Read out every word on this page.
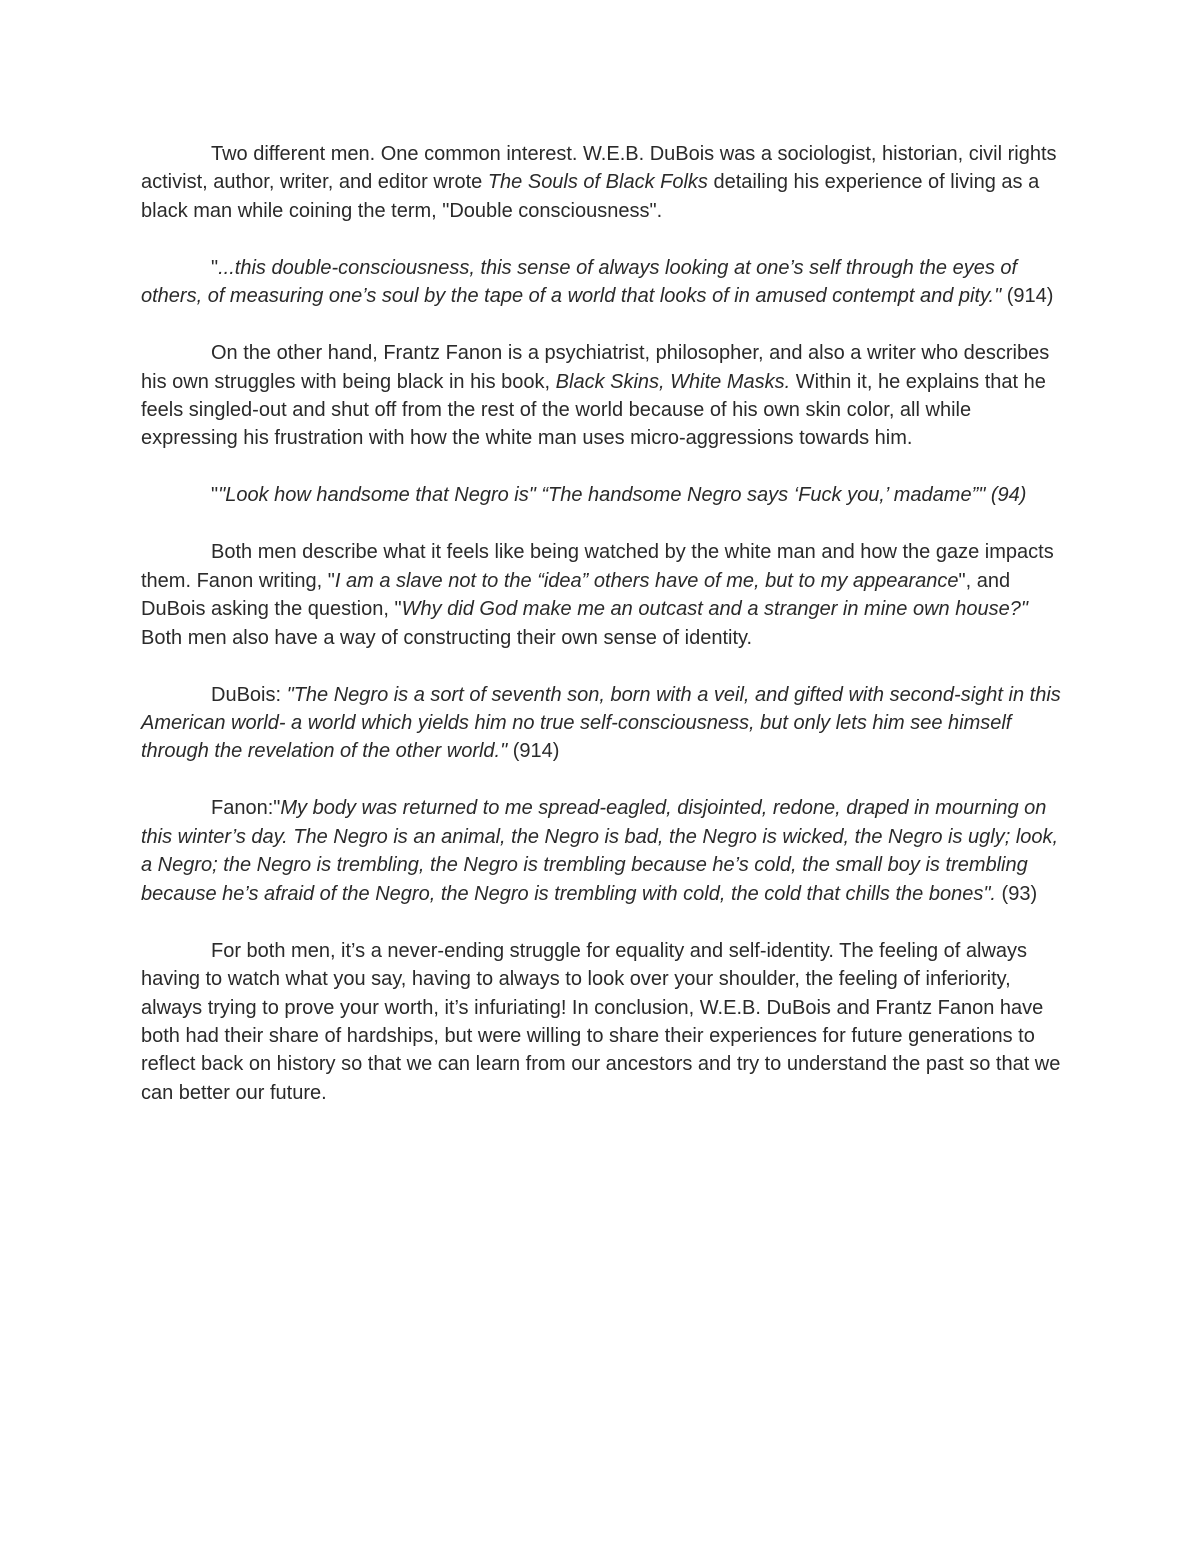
Two different men. One common interest. W.E.B. DuBois was a sociologist, historian, civil rights activist, author, writer, and editor wrote The Souls of Black Folks detailing his experience of living as a black man while coining the term, "Double consciousness".

"...this double-consciousness, this sense of always looking at one’s self through the eyes of others, of measuring one’s soul by the tape of a world that looks of in amused contempt and pity." (914)

On the other hand, Frantz Fanon is a psychiatrist, philosopher, and also a writer who describes his own struggles with being black in his book, Black Skins, White Masks. Within it, he explains that he feels singled-out and shut off from the rest of the world because of his own skin color, all while expressing his frustration with how the white man uses micro-aggressions towards him.

""Look how handsome that Negro is" “The handsome Negro says ‘Fuck you,’ madame”" (94)

Both men describe what it feels like being watched by the white man and how the gaze impacts them. Fanon writing, "I am a slave not to the “idea” others have of me, but to my appearance", and DuBois asking the question, "Why did God make me an outcast and a stranger in mine own house?" Both men also have a way of constructing their own sense of identity.

DuBois: "The Negro is a sort of seventh son, born with a veil, and gifted with second-sight in this American world- a world which yields him no true self-consciousness, but only lets him see himself through the revelation of the other world." (914)

Fanon:"My body was returned to me spread-eagled, disjointed, redone, draped in mourning on this winter’s day. The Negro is an animal, the Negro is bad, the Negro is wicked, the Negro is ugly; look, a Negro; the Negro is trembling, the Negro is trembling because he’s cold, the small boy is trembling because he’s afraid of the Negro, the Negro is trembling with cold, the cold that chills the bones". (93)

For both men, it’s a never-ending struggle for equality and self-identity. The feeling of always having to watch what you say, having to always to look over your shoulder, the feeling of inferiority, always trying to prove your worth, it’s infuriating! In conclusion, W.E.B. DuBois and Frantz Fanon have both had their share of hardships, but were willing to share their experiences for future generations to reflect back on history so that we can learn from our ancestors and try to understand the past so that we can better our future.
